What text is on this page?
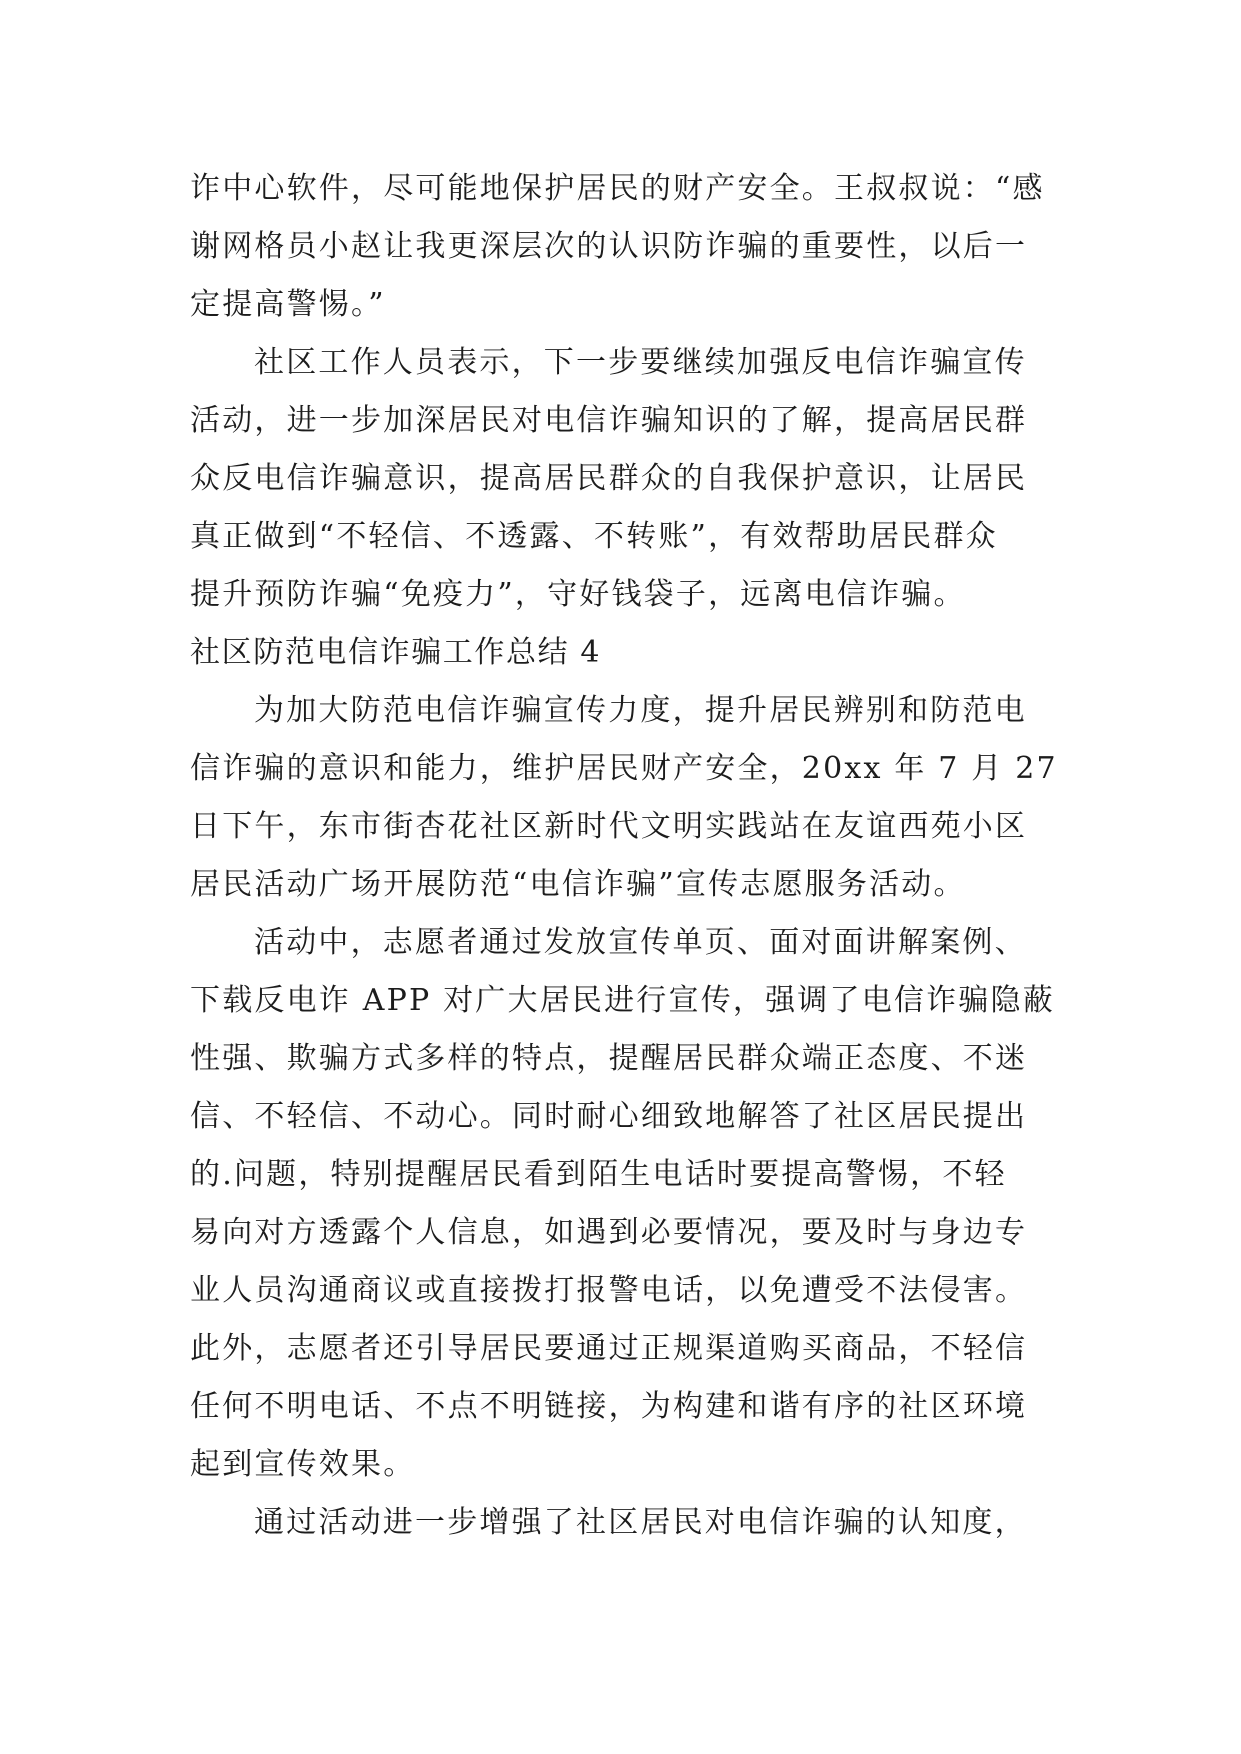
诈中心软件，尽可能地保护居民的财产安全。王叔叔说：“感
谢网格员小赵让我更深层次的认识防诈骗的重要性，以后一
定提高警惕。”
社区工作人员表示，下一步要继续加强反电信诈骗宣传
活动，进一步加深居民对电信诈骗知识的了解，提高居民群
众反电信诈骗意识，提高居民群众的自我保护意识，让居民
真正做到“不轻信、不透露、不转账”，有效帮助居民群众
提升预防诈骗“免疫力”，守好钱袋子，远离电信诈骗。
社区防范电信诈骗工作总结 4
为加大防范电信诈骗宣传力度，提升居民辨别和防范电
信诈骗的意识和能力，维护居民财产安全，20xx 年 7 月 27
日下午，东市街杏花社区新时代文明实践站在友谊西苑小区
居民活动广场开展防范“电信诈骗”宣传志愿服务活动。
活动中，志愿者通过发放宣传单页、面对面讲解案例、
下载反电诈 APP 对广大居民进行宣传，强调了电信诈骗隐蔽
性强、欺骗方式多样的特点，提醒居民群众端正态度、不迷
信、不轻信、不动心。同时耐心细致地解答了社区居民提出
的.问题，特别提醒居民看到陌生电话时要提高警惕，不轻
易向对方透露个人信息，如遇到必要情况，要及时与身边专
业人员沟通商议或直接拨打报警电话，以免遭受不法侵害。
此外，志愿者还引导居民要通过正规渠道购买商品，不轻信
任何不明电话、不点不明链接，为构建和谐有序的社区环境
起到宣传效果。
通过活动进一步增强了社区居民对电信诈骗的认知度，
